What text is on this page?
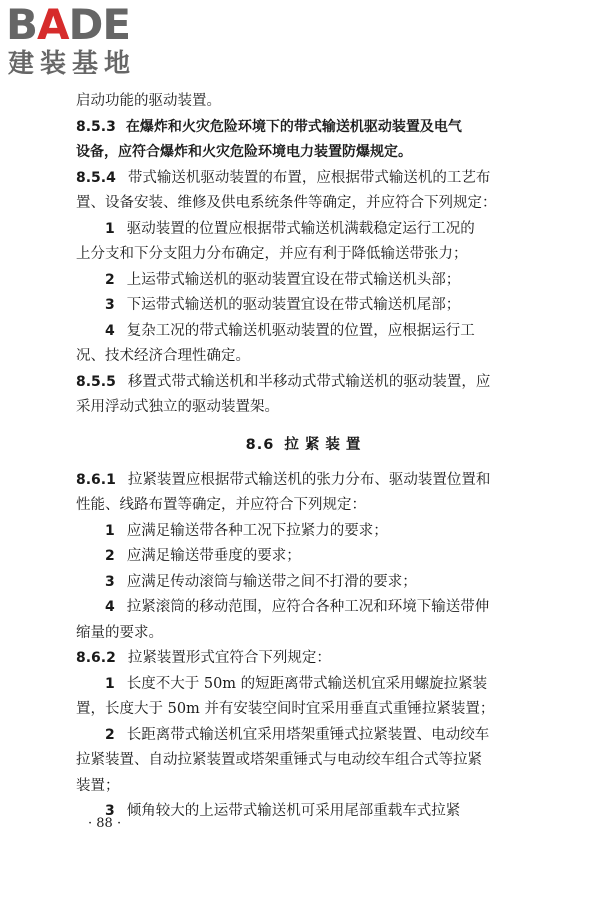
BADE
建装基地
启动功能的驱动装置。
8.5.3 在爆炸和火灾危险环境下的带式输送机驱动装置及电气
设备，应符合爆炸和火灾危险环境电力装置防爆规定。
8.5.4 带式输送机驱动装置的布置，应根据带式输送机的工艺布
置、设备安装、维修及供电系统条件等确定，并应符合下列规定：
1 驱动装置的位置应根据带式输送机满载稳定运行工况的
上分支和下分支阻力分布确定，并应有利于降低输送带张力；
2 上运带式输送机的驱动装置宜设在带式输送机头部；
3 下运带式输送机的驱动装置宜设在带式输送机尾部；
4 复杂工况的带式输送机驱动装置的位置，应根据运行工
况、技术经济合理性确定。
8.5.5 移置式带式输送机和半移动式带式输送机的驱动装置，应
采用浮动式独立的驱动装置架。
8.6 拉紧装置
8.6.1 拉紧装置应根据带式输送机的张力分布、驱动装置位置和
性能、线路布置等确定，并应符合下列规定：
1 应满足输送带各种工况下拉紧力的要求；
2 应满足输送带垂度的要求；
3 应满足传动滚筒与输送带之间不打滑的要求；
4 拉紧滚筒的移动范围，应符合各种工况和环境下输送带伸
缩量的要求。
8.6.2 拉紧装置形式宜符合下列规定：
1 长度不大于 50m 的短距离带式输送机宜采用螺旋拉紧装
置，长度大于 50m 并有安装空间时宜采用垂直式重锤拉紧装置；
2 长距离带式输送机宜采用塔架重锤式拉紧装置、电动绞车
拉紧装置、自动拉紧装置或塔架重锤式与电动绞车组合式等拉紧
装置；
3 倾角较大的上运带式输送机可采用尾部重载车式拉紧
· 88 ·
